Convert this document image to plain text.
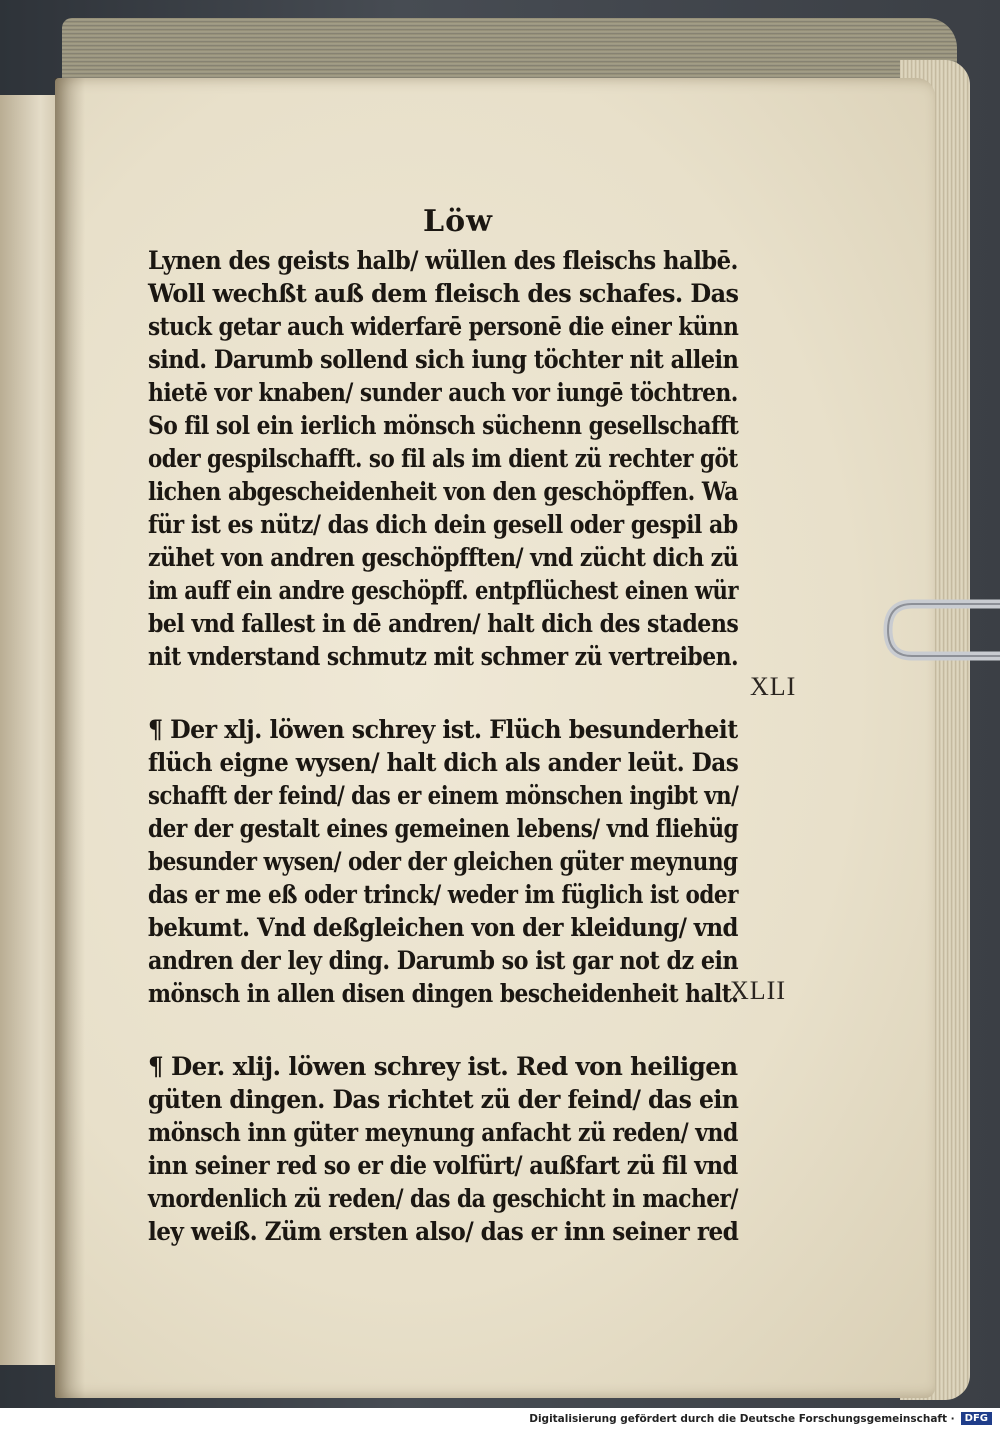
Löw
Lynen des geists halb/ wüllen des fleischs halbē.
Woll wechßt auß dem fleisch des schafes. Das
stuck getar auch widerfarē personē die einer künn
sind. Darumb sollend sich iung töchter nit allein
hietē vor knaben/ sunder auch vor iungē töchtren.
So fil sol ein ierlich mönsch süchenn gesellschafft
oder gespilschafft. so fil als im dient zü rechter göt
lichen abgescheidenheit von den geschöpffen. Wa
für ist es nütz/ das dich dein gesell oder gespil ab
zühet von andren geschöpfften/ vnd zücht dich zü
im auff ein andre geschöpff. entpflüchest einen wür
bel vnd fallest in dē andren/ halt dich des stadens
nit vnderstand schmutz mit schmer zü vertreiben.
¶ Der xlj. löwen schrey ist. Flüch besunderheit
flüch eigne wysen/ halt dich als ander leüt. Das
schafft der feind/ das er einem mönschen ingibt vn/
der der gestalt eines gemeinen lebens/ vnd fliehüg
besunder wysen/ oder der gleichen güter meynung
das er me eß oder trinck/ weder im füglich ist oder
bekumt. Vnd deßgleichen von der kleidung/ vnd
andren der ley ding. Darumb so ist gar not dz ein
mönsch in allen disen dingen bescheidenheit halt.
¶ Der. xlij. löwen schrey ist. Red von heiligen
güten dingen. Das richtet zü der feind/ das ein
mönsch inn güter meynung anfacht zü reden/ vnd
inn seiner red so er die volfürt/ außfart zü fil vnd
vnordenlich zü reden/ das da geschicht in macher/
ley weiß. Züm ersten also/ das er inn seiner red
XLI
XLII
Digitalisierung gefördert durch die Deutsche Forschungsgemeinschaft ·	DFG
